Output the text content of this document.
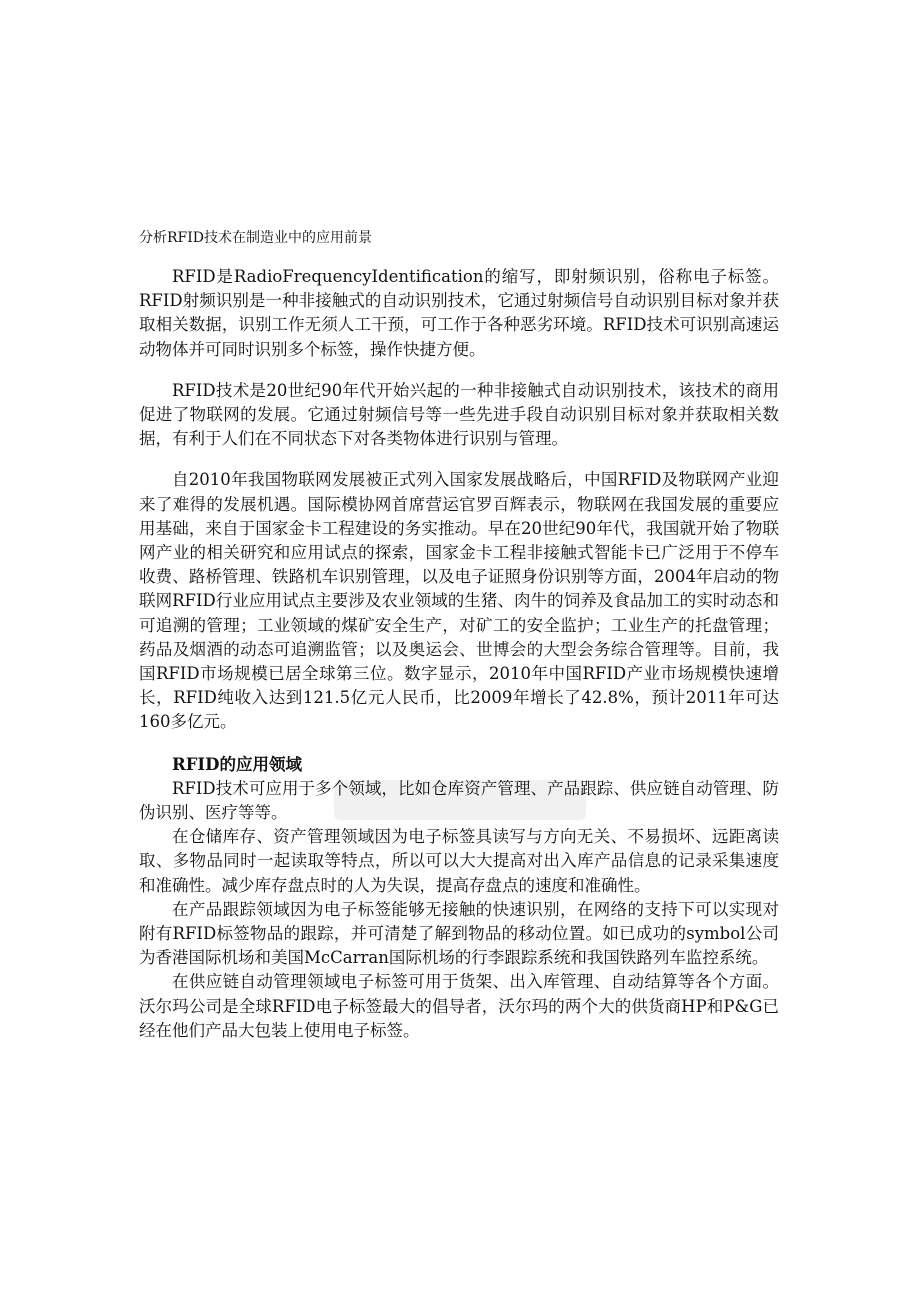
分析RFID技术在制造业中的应用前景

RFID是RadioFrequencyIdentification的缩写，即射频识别，俗称电子标签。RFID射频识别是一种非接触式的自动识别技术，它通过射频信号自动识别目标对象并获取相关数据，识别工作无须人工干预，可工作于各种恶劣环境。RFID技术可识别高速运动物体并可同时识别多个标签，操作快捷方便。

RFID技术是20世纪90年代开始兴起的一种非接触式自动识别技术，该技术的商用促进了物联网的发展。它通过射频信号等一些先进手段自动识别目标对象并获取相关数据，有利于人们在不同状态下对各类物体进行识别与管理。

自2010年我国物联网发展被正式列入国家发展战略后，中国RFID及物联网产业迎来了难得的发展机遇。国际模协网首席营运官罗百辉表示，物联网在我国发展的重要应用基础，来自于国家金卡工程建设的务实推动。早在20世纪90年代，我国就开始了物联网产业的相关研究和应用试点的探索，国家金卡工程非接触式智能卡已广泛用于不停车收费、路桥管理、铁路机车识别管理，以及电子证照身份识别等方面，2004年启动的物联网RFID行业应用试点主要涉及农业领域的生猪、肉牛的饲养及食品加工的实时动态和可追溯的管理；工业领域的煤矿安全生产，对矿工的安全监护；工业生产的托盘管理；药品及烟酒的动态可追溯监管；以及奥运会、世博会的大型会务综合管理等。目前，我国RFID市场规模已居全球第三位。数字显示，2010年中国RFID产业市场规模快速增长，RFID纯收入达到121.5亿元人民币，比2009年增长了42.8%，预计2011年可达160多亿元。

RFID的应用领域

RFID技术可应用于多个领域，比如仓库资产管理、产品跟踪、供应链自动管理、防伪识别、医疗等等。

在仓储库存、资产管理领域因为电子标签具读写与方向无关、不易损坏、远距离读取、多物品同时一起读取等特点，所以可以大大提高对出入库产品信息的记录采集速度和准确性。减少库存盘点时的人为失误，提高存盘点的速度和准确性。

在产品跟踪领域因为电子标签能够无接触的快速识别，在网络的支持下可以实现对附有RFID标签物品的跟踪，并可清楚了解到物品的移动位置。如已成功的symbol公司为香港国际机场和美国McCarran国际机场的行李跟踪系统和我国铁路列车监控系统。

在供应链自动管理领域电子标签可用于货架、出入库管理、自动结算等各个方面。沃尔玛公司是全球RFID电子标签最大的倡导者，沃尔玛的两个大的供货商HP和P&G已经在他们产品大包装上使用电子标签。
